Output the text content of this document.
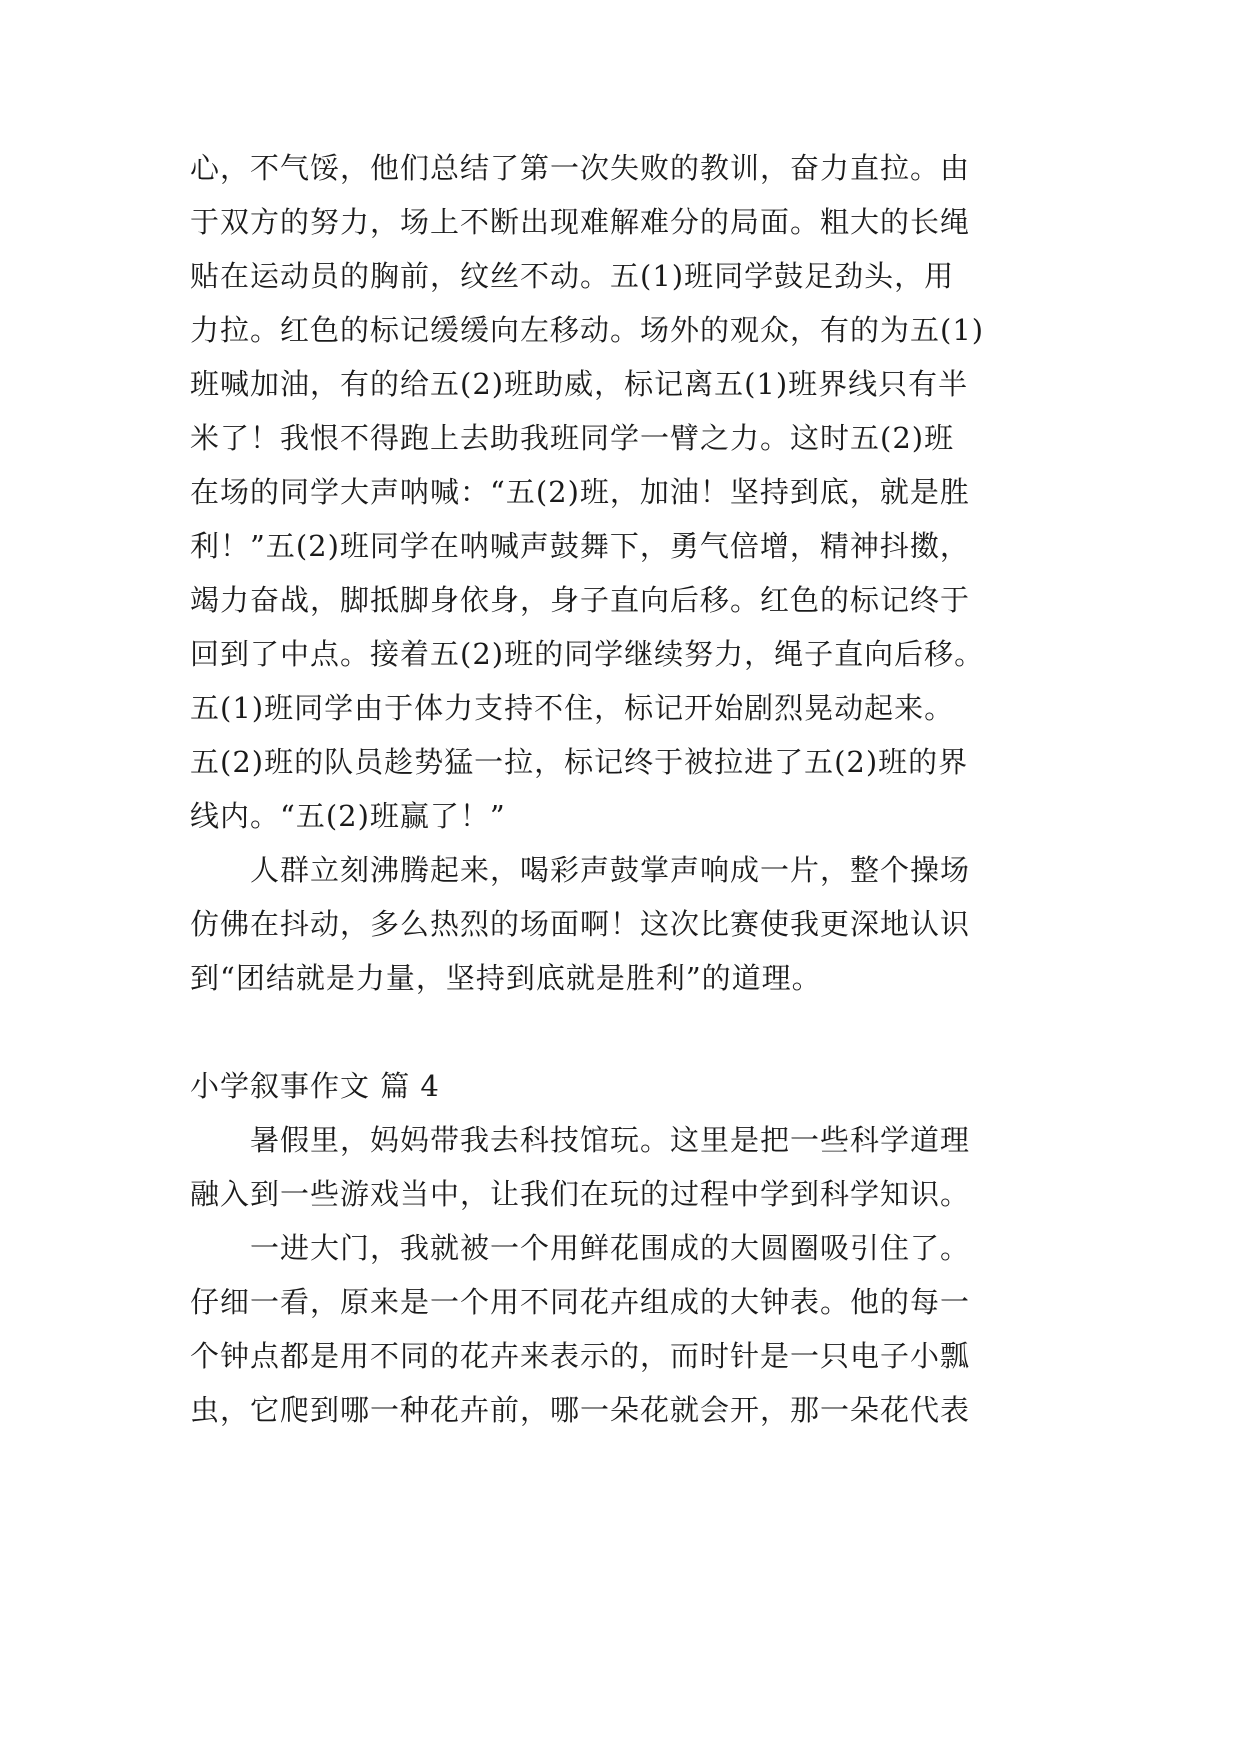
心，不气馁，他们总结了第一次失败的教训，奋力直拉。由
于双方的努力，场上不断出现难解难分的局面。粗大的长绳
贴在运动员的胸前，纹丝不动。五(1)班同学鼓足劲头，用
力拉。红色的标记缓缓向左移动。场外的观众，有的为五(1)
班喊加油，有的给五(2)班助威，标记离五(1)班界线只有半
米了！我恨不得跑上去助我班同学一臂之力。这时五(2)班
在场的同学大声呐喊：“五(2)班，加油！坚持到底，就是胜
利！”五(2)班同学在呐喊声鼓舞下，勇气倍增，精神抖擞，
竭力奋战，脚抵脚身依身，身子直向后移。红色的标记终于
回到了中点。接着五(2)班的同学继续努力，绳子直向后移。
五(1)班同学由于体力支持不住，标记开始剧烈晃动起来。
五(2)班的队员趁势猛一拉，标记终于被拉进了五(2)班的界
线内。“五(2)班赢了！”
人群立刻沸腾起来，喝彩声鼓掌声响成一片，整个操场
仿佛在抖动，多么热烈的场面啊！这次比赛使我更深地认识
到“团结就是力量，坚持到底就是胜利”的道理。
小学叙事作文 篇 4
暑假里，妈妈带我去科技馆玩。这里是把一些科学道理
融入到一些游戏当中，让我们在玩的过程中学到科学知识。
一进大门，我就被一个用鲜花围成的大圆圈吸引住了。
仔细一看，原来是一个用不同花卉组成的大钟表。他的每一
个钟点都是用不同的花卉来表示的，而时针是一只电子小瓢
虫，它爬到哪一种花卉前，哪一朵花就会开，那一朵花代表
